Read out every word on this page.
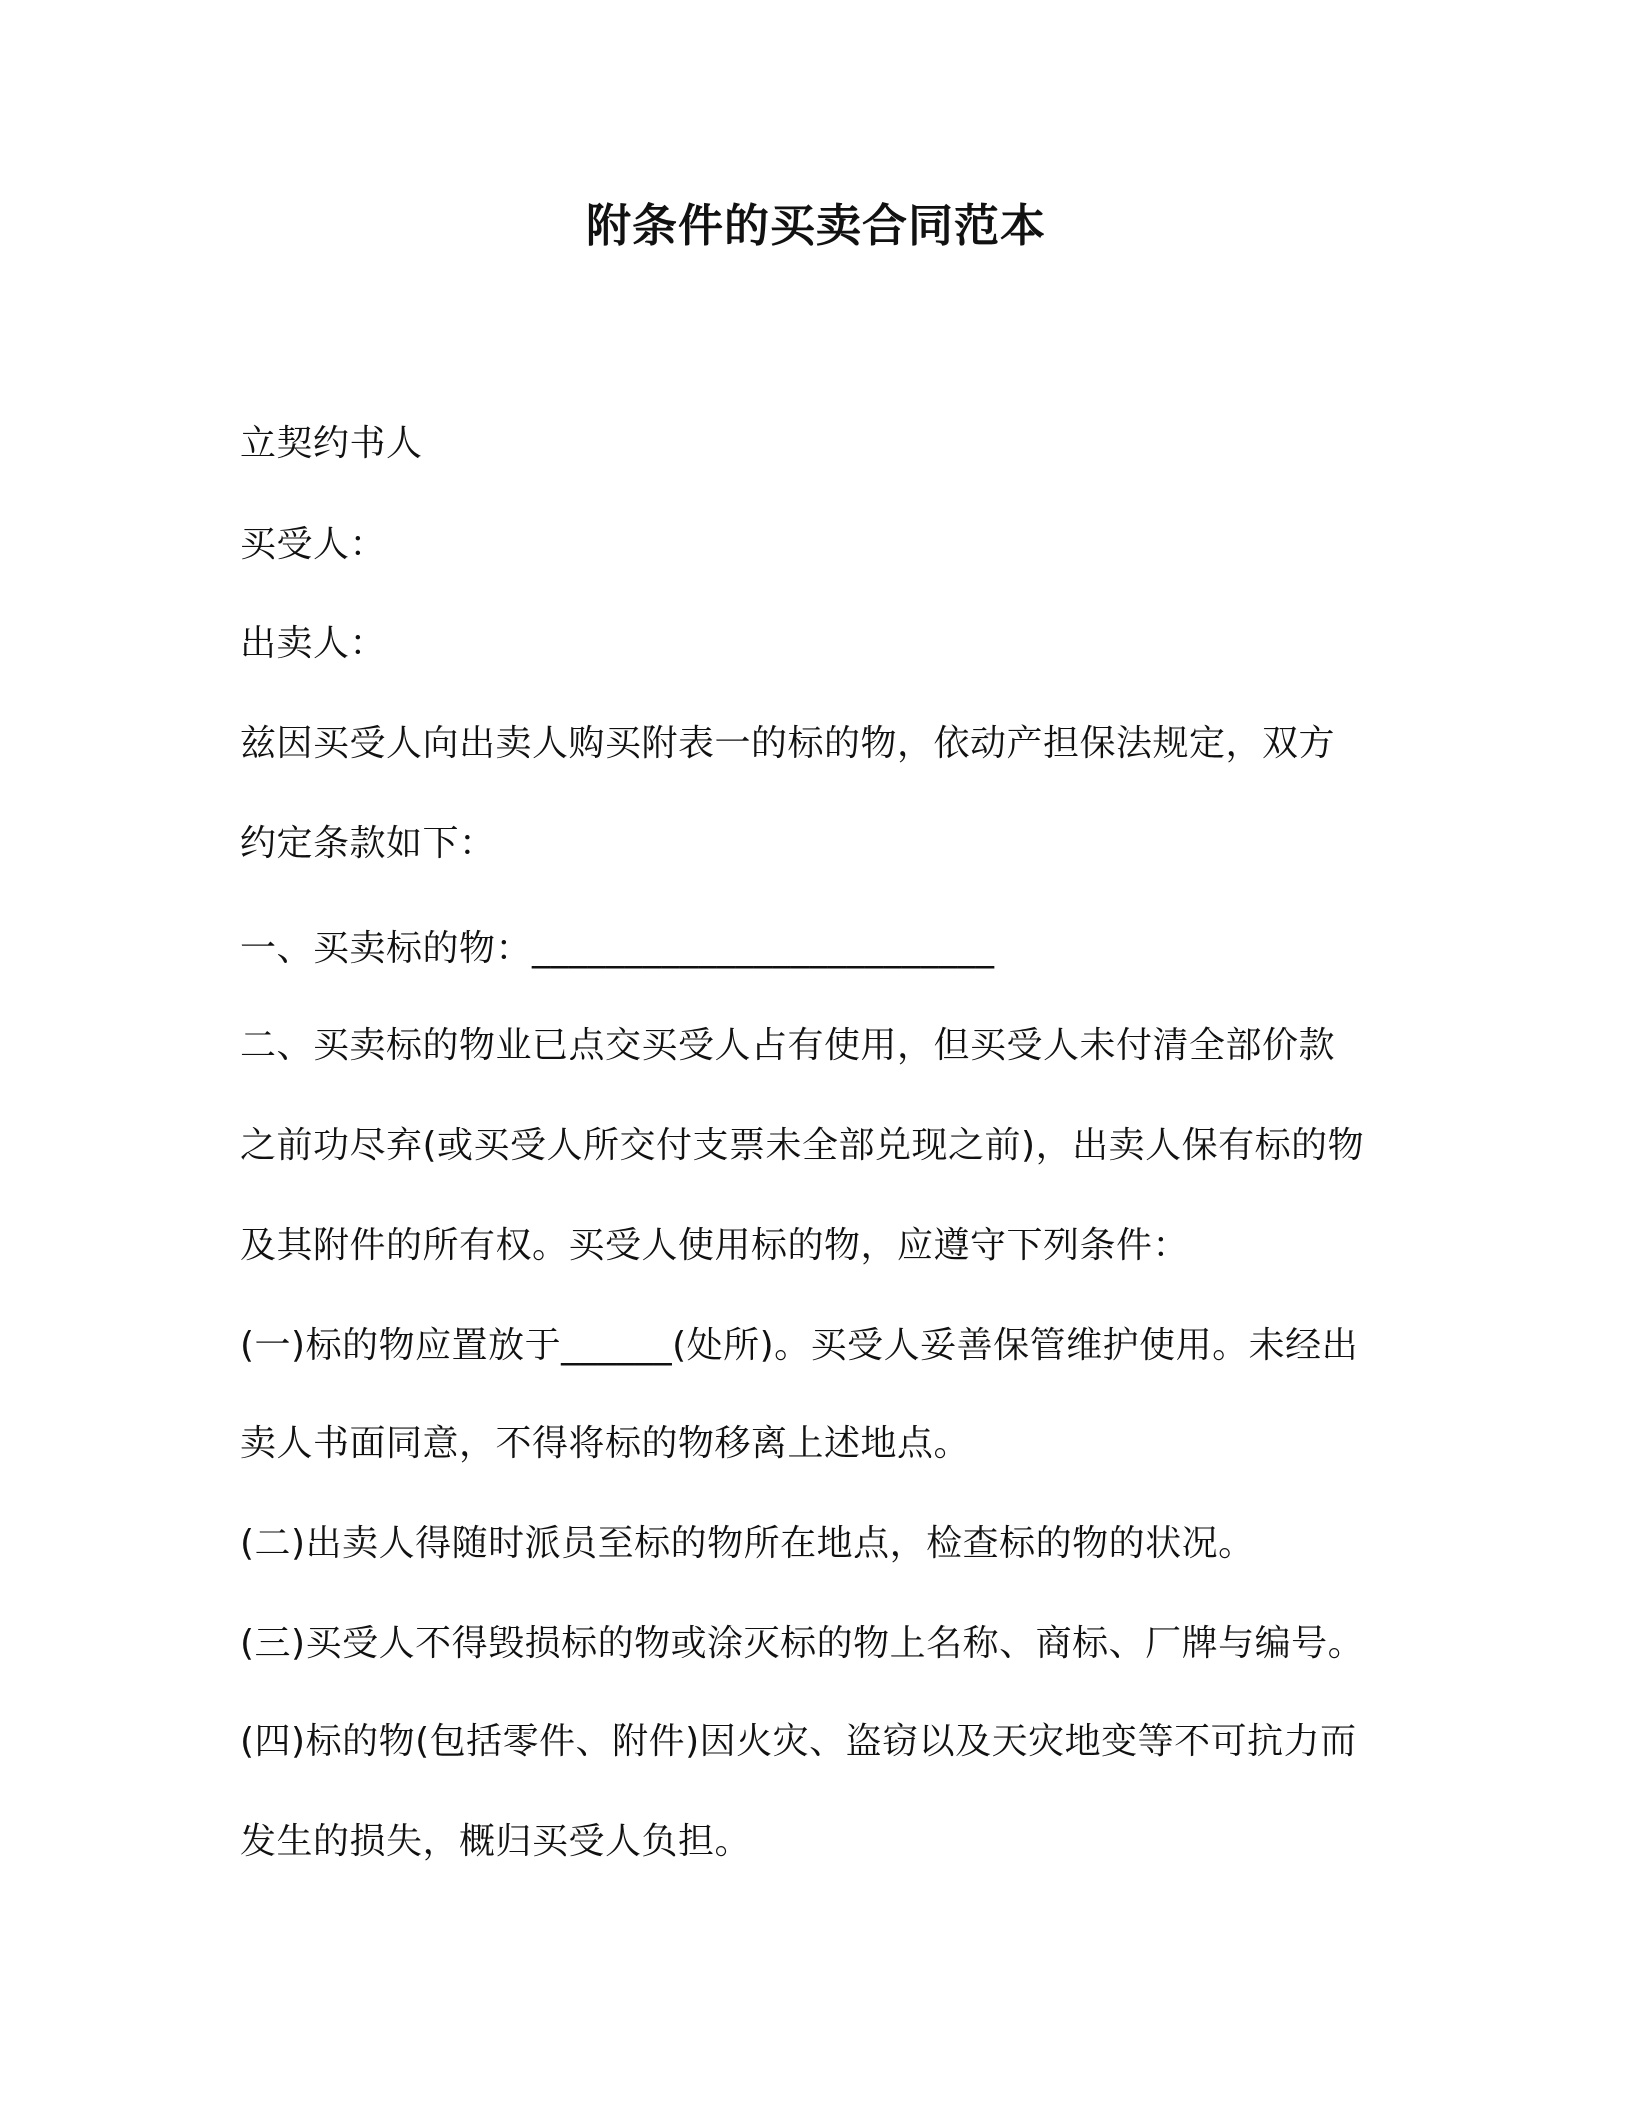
附条件的买卖合同范本
立契约书人
买受人：
出卖人：
兹因买受人向出卖人购买附表一的标的物，依动产担保法规定，双方
约定条款如下：
一、买卖标的物：_________________________
二、买卖标的物业已点交买受人占有使用，但买受人未付清全部价款
之前功尽弃(或买受人所交付支票未全部兑现之前)，出卖人保有标的物
及其附件的所有权。买受人使用标的物，应遵守下列条件：
(一)标的物应置放于______(处所)。买受人妥善保管维护使用。未经出
卖人书面同意，不得将标的物移离上述地点。
(二)出卖人得随时派员至标的物所在地点，检查标的物的状况。
(三)买受人不得毁损标的物或涂灭标的物上名称、商标、厂牌与编号。
(四)标的物(包括零件、附件)因火灾、盗窃以及天灾地变等不可抗力而
发生的损失，概归买受人负担。
